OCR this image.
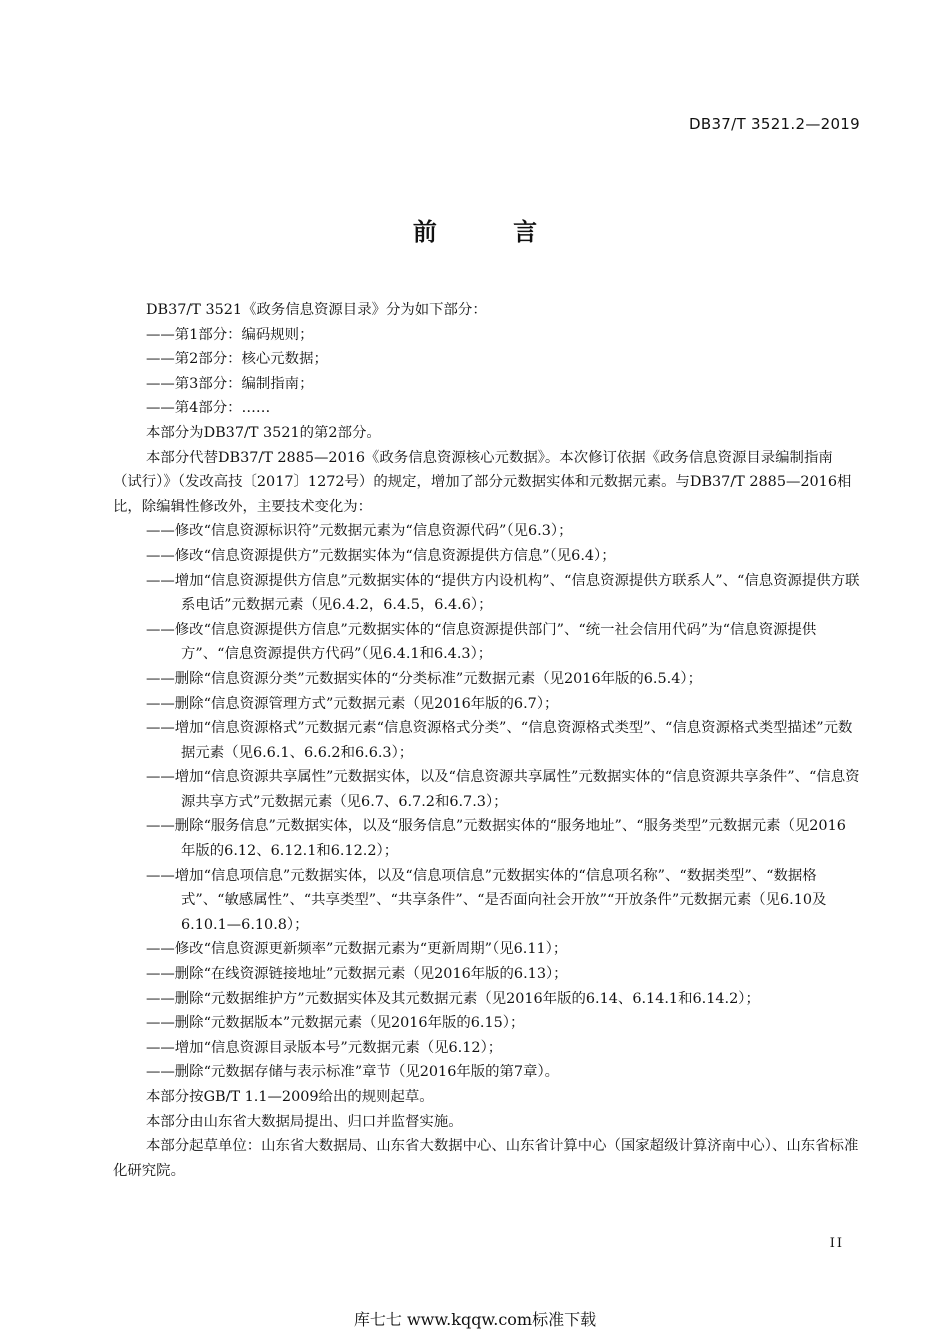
DB37/T 3521.2—2019
前 言

DB37/T 3521《政务信息资源目录》分为如下部分：

——第1部分：编码规则；

——第2部分：核心元数据；

——第3部分：编制指南；

——第4部分：……

本部分为DB37/T 3521的第2部分。

本部分代替DB37/T 2885—2016《政务信息资源核心元数据》。本次修订依据《政务信息资源目录编制指南（试行）》（发改高技〔2017〕1272号）的规定，增加了部分元数据实体和元数据元素。与DB37/T 2885—2016相比，除编辑性修改外，主要技术变化为：

——修改“信息资源标识符”元数据元素为“信息资源代码”（见6.3）；

——修改“信息资源提供方”元数据实体为“信息资源提供方信息”（见6.4）；

——增加“信息资源提供方信息”元数据实体的“提供方内设机构”、“信息资源提供方联系人”、“信息资源提供方联系电话”元数据元素（见6.4.2，6.4.5，6.4.6）；

——修改“信息资源提供方信息”元数据实体的“信息资源提供部门”、“统一社会信用代码”为“信息资源提供方”、“信息资源提供方代码”（见6.4.1和6.4.3）；

——删除“信息资源分类”元数据实体的“分类标准”元数据元素（见2016年版的6.5.4）；

——删除“信息资源管理方式”元数据元素（见2016年版的6.7）；

——增加“信息资源格式”元数据元素“信息资源格式分类”、“信息资源格式类型”、“信息资源格式类型描述”元数据元素（见6.6.1、6.6.2和6.6.3）；

——增加“信息资源共享属性”元数据实体，以及“信息资源共享属性”元数据实体的“信息资源共享条件”、“信息资源共享方式”元数据元素（见6.7、6.7.2和6.7.3）；

——删除“服务信息”元数据实体，以及“服务信息”元数据实体的“服务地址”、“服务类型”元数据元素（见2016年版的6.12、6.12.1和6.12.2）；

——增加“信息项信息”元数据实体，以及“信息项信息”元数据实体的“信息项名称”、“数据类型”、“数据格式”、“敏感属性”、“共享类型”、“共享条件”、“是否面向社会开放”“开放条件”元数据元素（见6.10及6.10.1—6.10.8）；

——修改“信息资源更新频率”元数据元素为“更新周期”（见6.11）；

——删除“在线资源链接地址”元数据元素（见2016年版的6.13）；

——删除“元数据维护方”元数据实体及其元数据元素（见2016年版的6.14、6.14.1和6.14.2）；

——删除“元数据版本”元数据元素（见2016年版的6.15）；

——增加“信息资源目录版本号”元数据元素（见6.12）；

——删除“元数据存储与表示标准”章节（见2016年版的第7章）。

本部分按GB/T 1.1—2009给出的规则起草。

本部分由山东省大数据局提出、归口并监督实施。

本部分起草单位：山东省大数据局、山东省大数据中心、山东省计算中心（国家超级计算济南中心）、山东省标准化研究院。

II
库七七 www.kqqw.com标准下载
